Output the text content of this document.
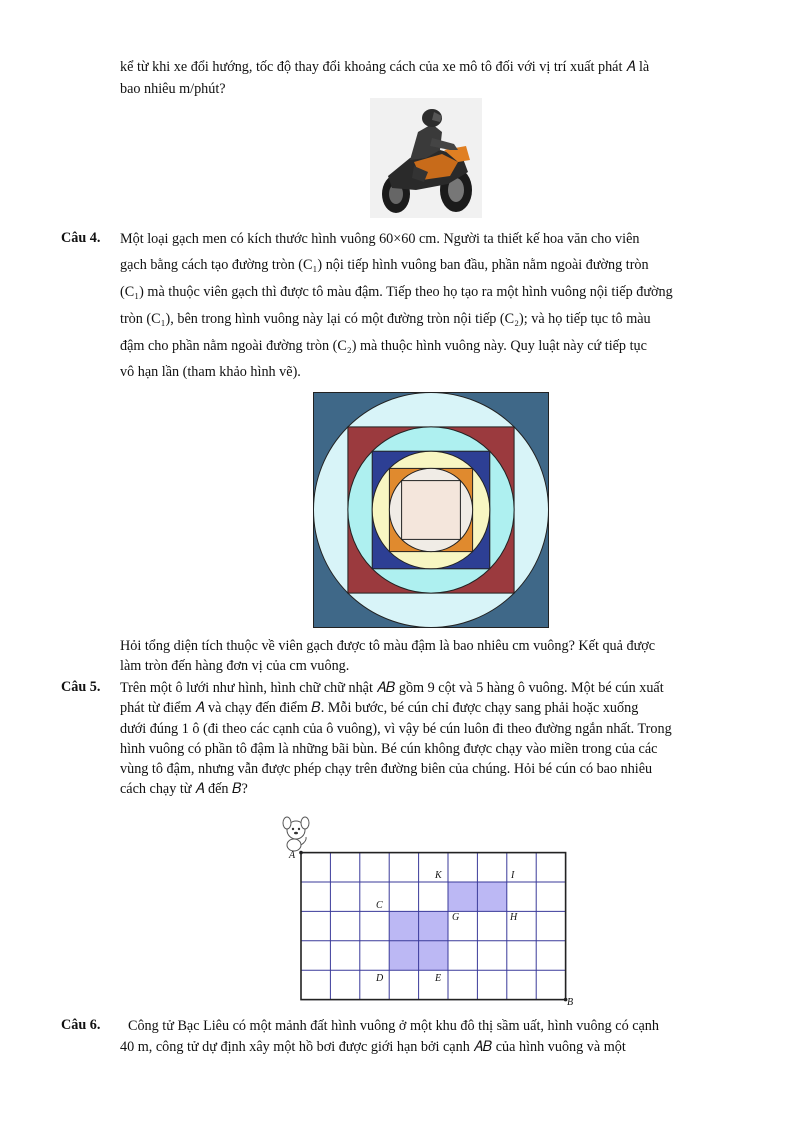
kể từ khi xe đổi hướng, tốc độ thay đổi khoảng cách của xe mô tô đối với vị trí xuất phát 𝐴 là
bao nhiêu m/phút?
Câu 4. Một loại gạch men có kích thước hình vuông 60×60 cm. Người ta thiết kế hoa văn cho viên
gạch bằng cách tạo đường tròn (C₁) nội tiếp hình vuông ban đầu, phần nằm ngoài đường tròn
(C₁) mà thuộc viên gạch thì được tô màu đậm. Tiếp theo họ tạo ra một hình vuông nội tiếp đường
tròn (C₁), bên trong hình vuông này lại có một đường tròn nội tiếp (C₂); và họ tiếp tục tô màu
đậm cho phần nằm ngoài đường tròn (C₂) mà thuộc hình vuông này. Quy luật này cứ tiếp tục
vô hạn lần (tham khảo hình vẽ).
Hỏi tổng diện tích thuộc về viên gạch được tô màu đậm là bao nhiêu cm vuông? Kết quả được
làm tròn đến hàng đơn vị của cm vuông.
Câu 5. Trên một ô lưới như hình, hình chữ chữ nhật 𝐴𝐵 gồm 9 cột và 5 hàng ô vuông. Một bé cún xuất
phát từ điểm 𝐴 và chạy đến điểm 𝐵. Mỗi bước, bé cún chỉ được chạy sang phải hoặc xuống
dưới đúng 1 ô (đi theo các cạnh của ô vuông), vì vậy bé cún luôn đi theo đường ngắn nhất. Trong
hình vuông có phần tô đậm là những bãi bùn. Bé cún không được chạy vào miền trong của các
vùng tô đậm, nhưng vẫn được phép chạy trên đường biên của chúng. Hỏi bé cún có bao nhiêu
cách chạy từ 𝐴 đến 𝐵?
A
B
K	I
C
G	H
D	E
Câu 6. Công tử Bạc Liêu có một mảnh đất hình vuông ở một khu đô thị sầm uất, hình vuông có cạnh
40 m, công tử dự định xây một hồ bơi được giới hạn bởi cạnh 𝐴𝐵 của hình vuông và một
